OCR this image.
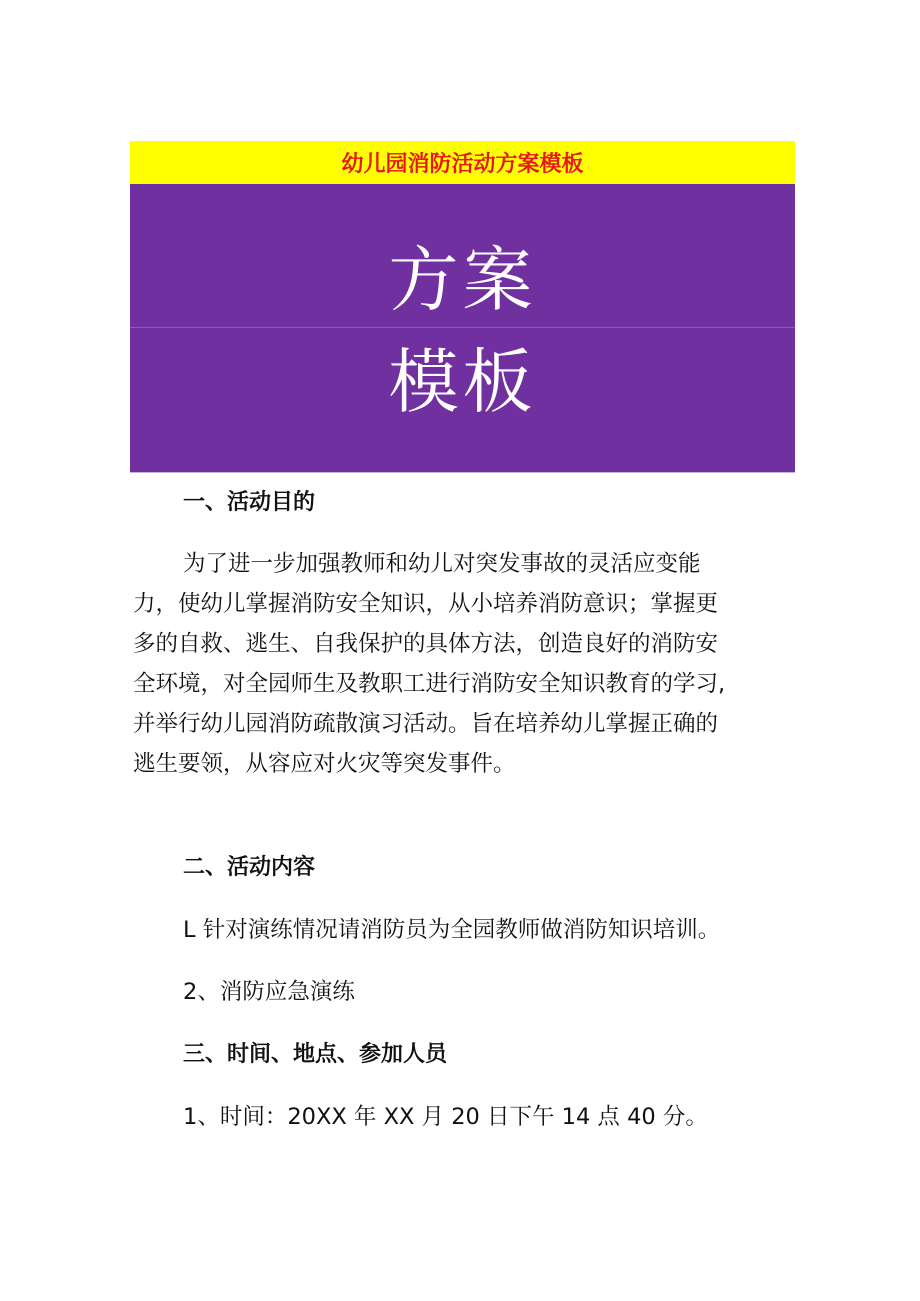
幼儿园消防活动方案模板
方案
模板
一、活动目的
为了进一步加强教师和幼儿对突发事故的灵活应变能
力，使幼儿掌握消防安全知识，从小培养消防意识；掌握更
多的自救、逃生、自我保护的具体方法，创造良好的消防安
全环境，对全园师生及教职工进行消防安全知识教育的学习,
并举行幼儿园消防疏散演习活动。旨在培养幼儿掌握正确的
逃生要领，从容应对火灾等突发事件。
二、活动内容
L 针对演练情况请消防员为全园教师做消防知识培训。
2、消防应急演练
三、时间、地点、参加人员
1、时间：20XX 年 XX 月 20 日下午 14 点 40 分。
